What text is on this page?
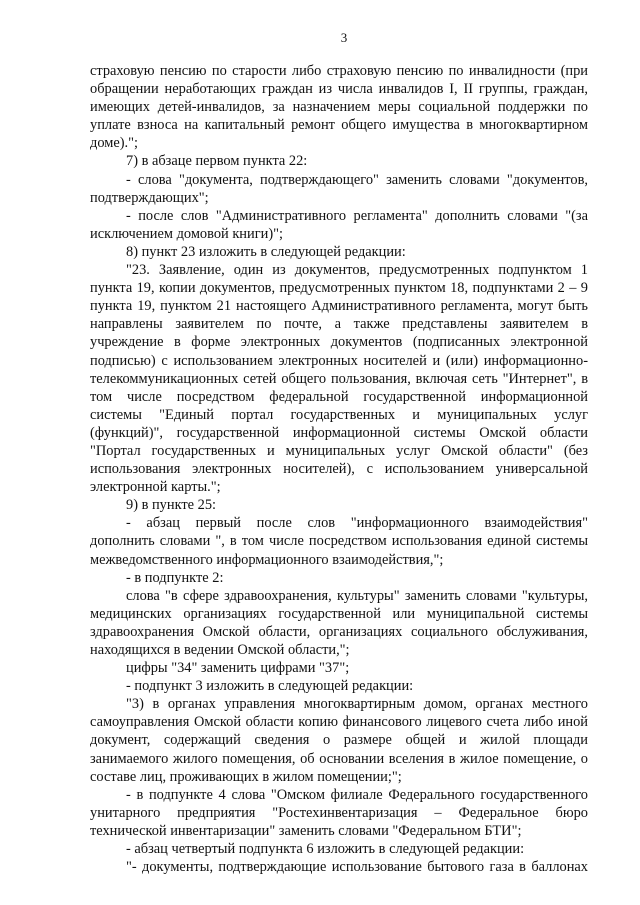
3
страховую пенсию по старости либо страховую пенсию по инвалидности (при
обращении неработающих граждан из числа инвалидов I, II группы, граждан,
имеющих детей-инвалидов, за назначением меры социальной поддержки по
уплате взноса на капитальный ремонт общего имущества в многоквартирном
доме).";
7) в абзаце первом пункта 22:
- слова "документа, подтверждающего" заменить словами "документов,
подтверждающих";
- после слов "Административного регламента" дополнить словами "(за
исключением домовой книги)";
8) пункт 23 изложить в следующей редакции:
"23. Заявление, один из документов, предусмотренных подпунктом 1
пункта 19, копии документов, предусмотренных пунктом 18, подпунктами 2 – 9
пункта 19, пунктом 21 настоящего Административного регламента, могут быть
направлены заявителем по почте, а также представлены заявителем в
учреждение в форме электронных документов (подписанных электронной
подписью) с использованием электронных носителей и (или) информационно-
телекоммуникационных сетей общего пользования, включая сеть "Интернет", в
том числе посредством федеральной государственной информационной
системы "Единый портал государственных и муниципальных услуг
(функций)", государственной информационной системы Омской области
"Портал государственных и муниципальных услуг Омской области" (без
использования электронных носителей), с использованием универсальной
электронной карты.";
9) в пункте 25:
- абзац первый после слов "информационного взаимодействия"
дополнить словами ", в том числе посредством использования единой системы
межведомственного информационного взаимодействия,";
- в подпункте 2:
слова "в сфере здравоохранения, культуры" заменить словами "культуры,
медицинских организациях государственной или муниципальной системы
здравоохранения Омской области, организациях социального обслуживания,
находящихся в ведении Омской области,";
цифры "34" заменить цифрами "37";
- подпункт 3 изложить в следующей редакции:
"3) в органах управления многоквартирным домом, органах местного
самоуправления Омской области копию финансового лицевого счета либо иной
документ, содержащий сведения о размере общей и жилой площади
занимаемого жилого помещения, об основании вселения в жилое помещение, о
составе лиц, проживающих в жилом помещении;";
- в подпункте 4 слова "Омском филиале Федерального государственного
унитарного предприятия "Ростехинвентаризация – Федеральное бюро
технической инвентаризации" заменить словами "Федеральном БТИ";
- абзац четвертый подпункта 6 изложить в следующей редакции:
"- документы, подтверждающие использование бытового газа в баллонах
